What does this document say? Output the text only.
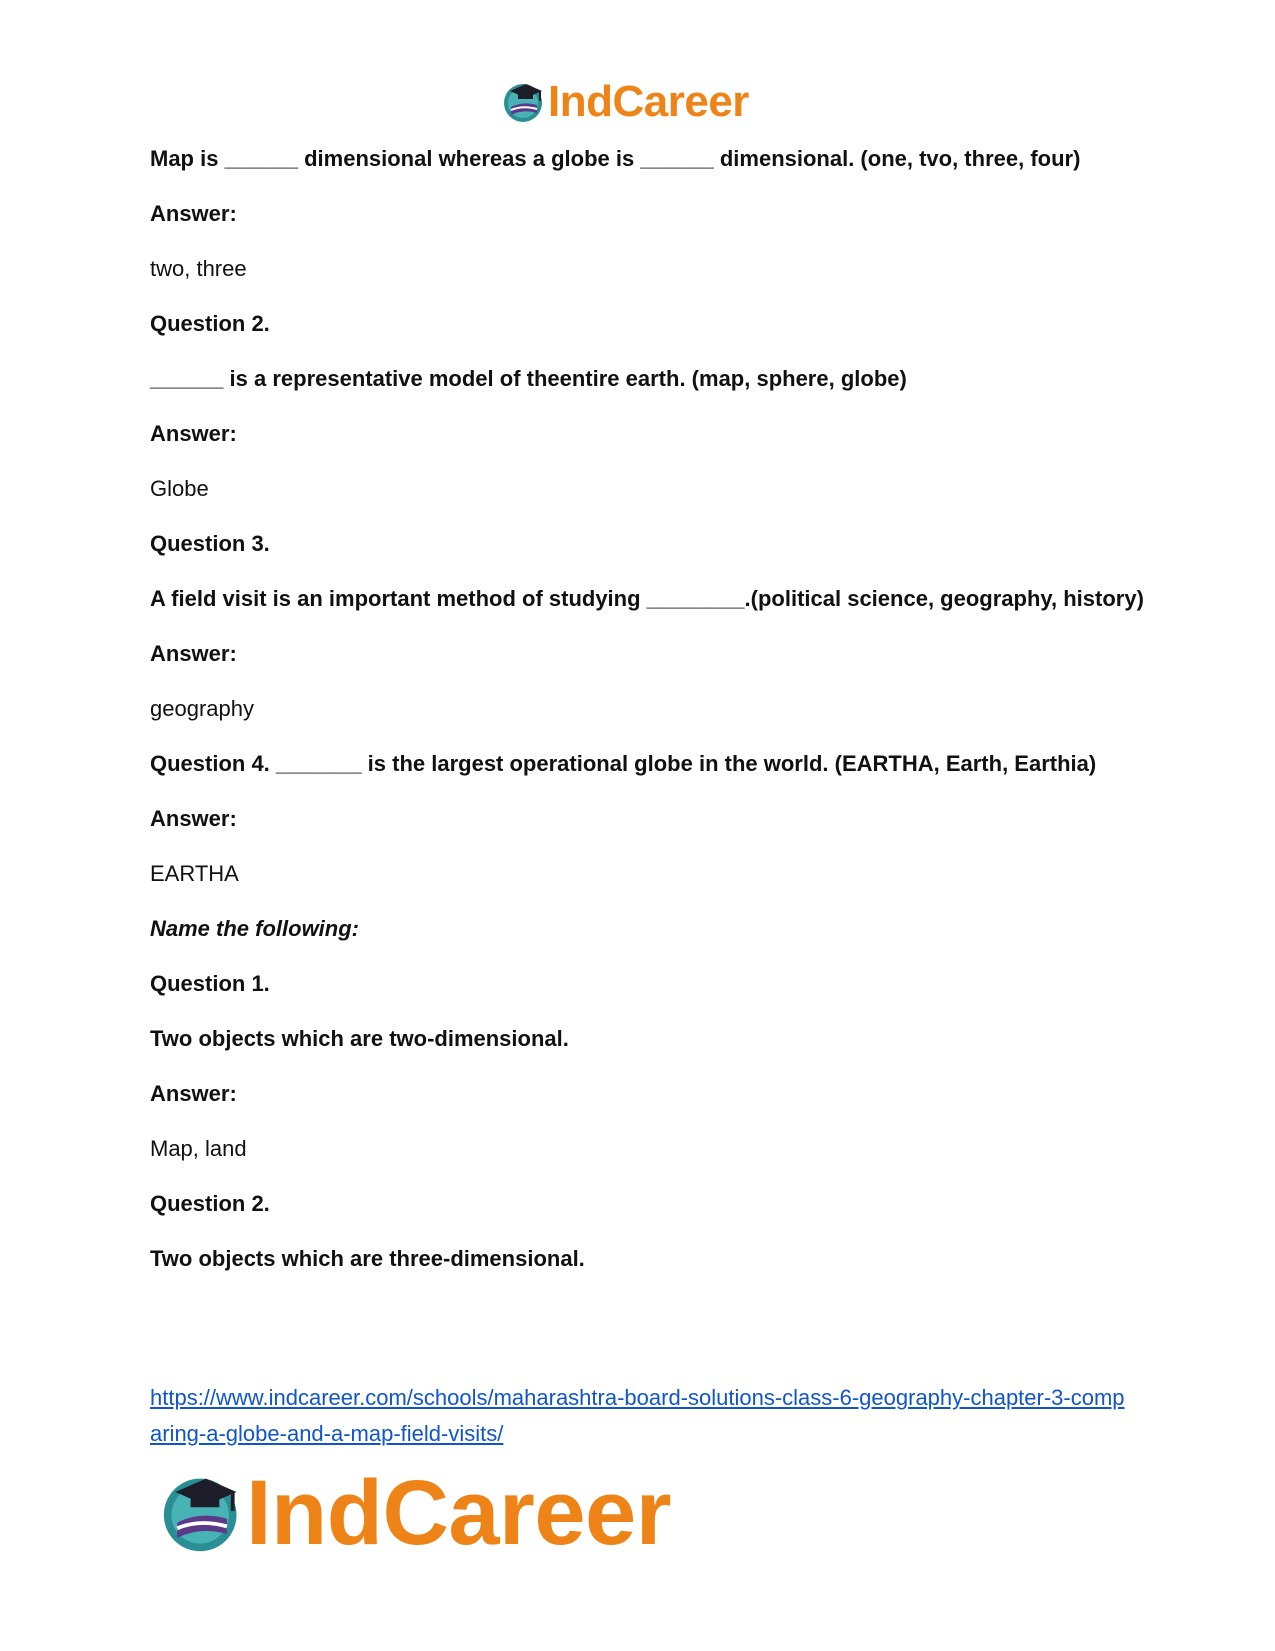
IndCareer

Map is ______ dimensional whereas a globe is ______ dimensional. (one, tvo, three, four)

Answer:

two, three

Question 2.

______ is a representative model of theentire earth. (map, sphere, globe)

Answer:

Globe

Question 3.

A field visit is an important method of studying ________.(political science, geography, history)

Answer:

geography

Question 4. _______ is the largest operational globe in the world. (EARTHA, Earth, Earthia)

Answer:

EARTHA

Name the following:

Question 1.

Two objects which are two-dimensional.

Answer:

Map, land

Question 2.

Two objects which are three-dimensional.

https://www.indcareer.com/schools/maharashtra-board-solutions-class-6-geography-chapter-3-comparing-a-globe-and-a-map-field-visits/
IndCareer
